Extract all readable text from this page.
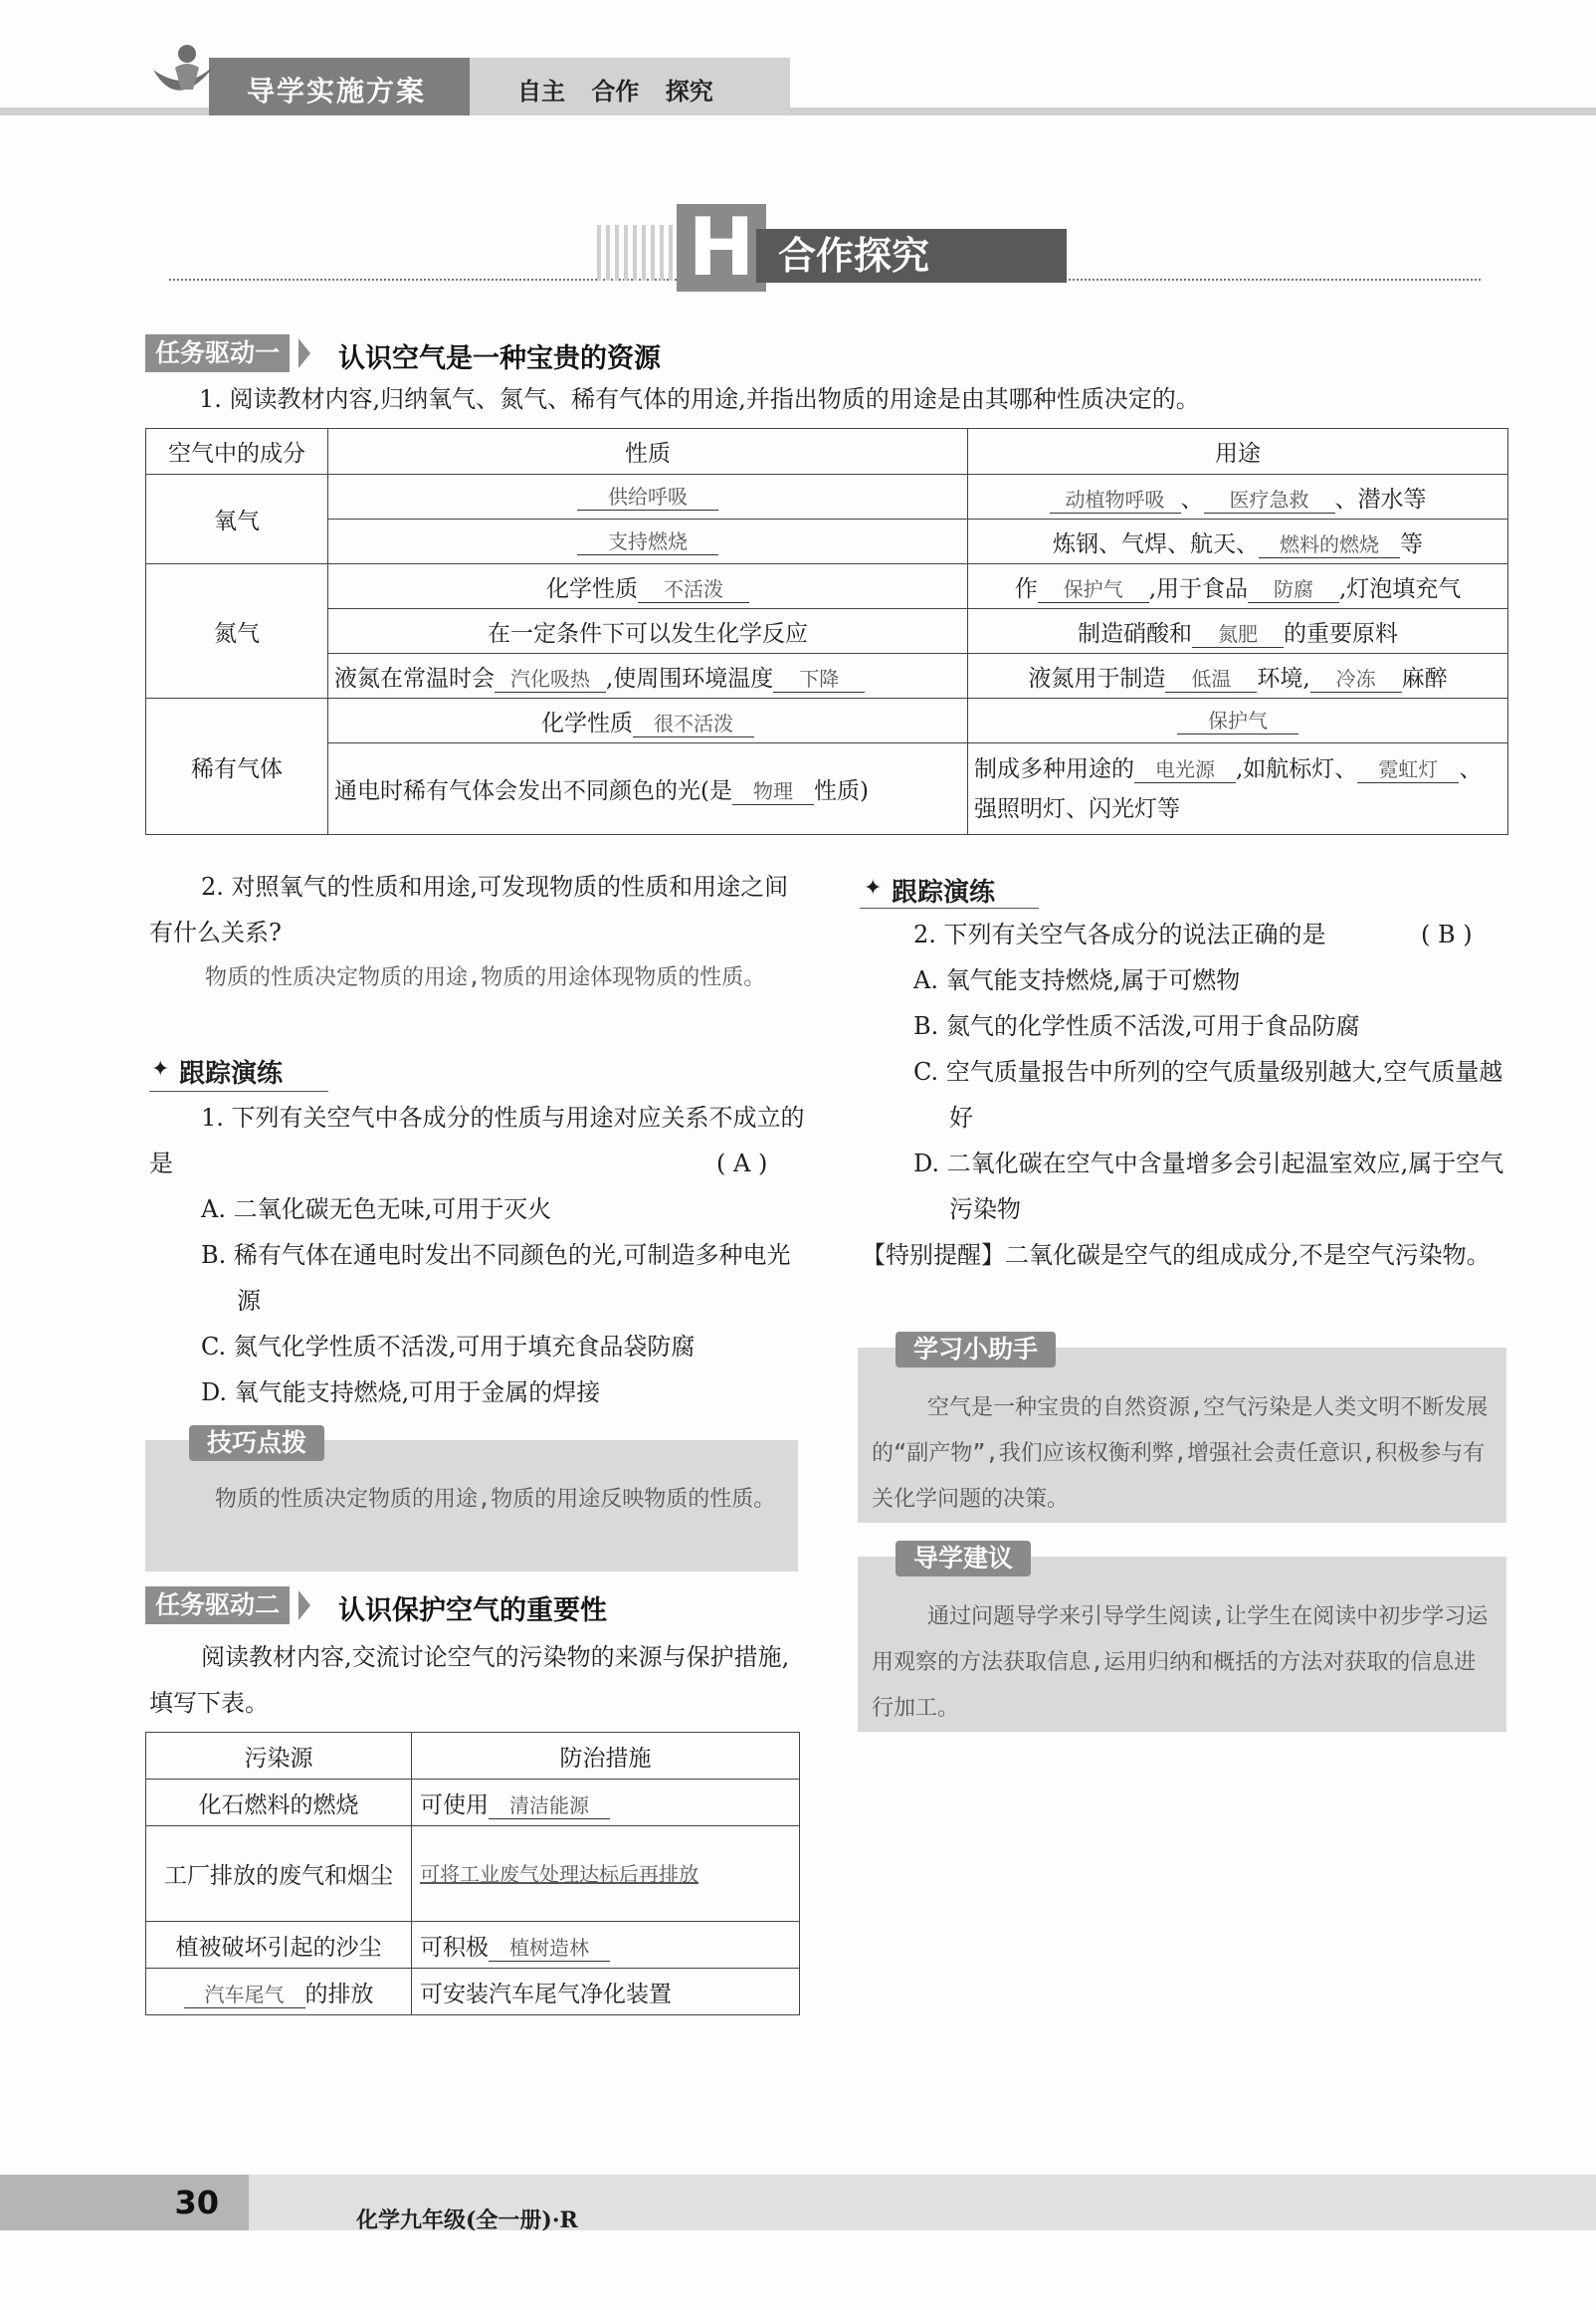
导学实施方案	自主 合作 探究
H 合作探究
任务驱动一	认识空气是一种宝贵的资源
1. 阅读教材内容,归纳氧气、氮气、稀有气体的用途,并指出物质的用途是由其哪种性质决定的。
空气中的成分	性质	用途
氧气	供给呼吸	动植物呼吸 、 医疗急救 、潜水等
	支持燃烧	炼钢、气焊、航天、 燃料的燃烧 等
氮气	化学性质 不活泼	作 保护气 ,用于食品 防腐 ,灯泡填充气
	在一定条件下可以发生化学反应	制造硝酸和 氮肥 的重要原料
	液氮在常温时会 汽化吸热 ,使周围环境温度 下降	液氮用于制造 低温 环境, 冷冻 麻醉
稀有气体	化学性质 很不活泼	保护气
	通电时稀有气体会发出不同颜色的光(是 物理 性质)	制成多种用途的 电光源 ,如航标灯、 霓虹灯 、
强照明灯、闪光灯等
2. 对照氧气的性质和用途,可发现物质的性质和用途之间有什么关系?
物质的性质决定物质的用途,物质的用途体现物质的性质。
✦ 跟踪演练
1. 下列有关空气中各成分的性质与用途对应关系不成立的是	( A )
A. 二氧化碳无色无味,可用于灭火
B. 稀有气体在通电时发出不同颜色的光,可制造多种电光源
C. 氮气化学性质不活泼,可用于填充食品袋防腐
D. 氧气能支持燃烧,可用于金属的焊接
技巧点拨
物质的性质决定物质的用途,物质的用途反映物质的性质。
任务驱动二	认识保护空气的重要性
阅读教材内容,交流讨论空气的污染物的来源与保护措施,填写下表。
污染源	防治措施
化石燃料的燃烧	可使用 清洁能源
工厂排放的废气和烟尘	可将工业废气处理达标后再排放
植被破坏引起的沙尘	可积极 植树造林
汽车尾气 的排放	可安装汽车尾气净化装置
✦ 跟踪演练
2. 下列有关空气各成分的说法正确的是	( B )
A. 氧气能支持燃烧,属于可燃物
B. 氮气的化学性质不活泼,可用于食品防腐
C. 空气质量报告中所列的空气质量级别越大,空气质量越好
D. 二氧化碳在空气中含量增多会引起温室效应,属于空气污染物
【特别提醒】二氧化碳是空气的组成成分,不是空气污染物。
学习小助手
空气是一种宝贵的自然资源,空气污染是人类文明不断发展的“副产物”,我们应该权衡利弊,增强社会责任意识,积极参与有关化学问题的决策。
导学建议
通过问题导学来引导学生阅读,让学生在阅读中初步学习运用观察的方法获取信息,运用归纳和概括的方法对获取的信息进行加工。
30	化学九年级(全一册)·R
